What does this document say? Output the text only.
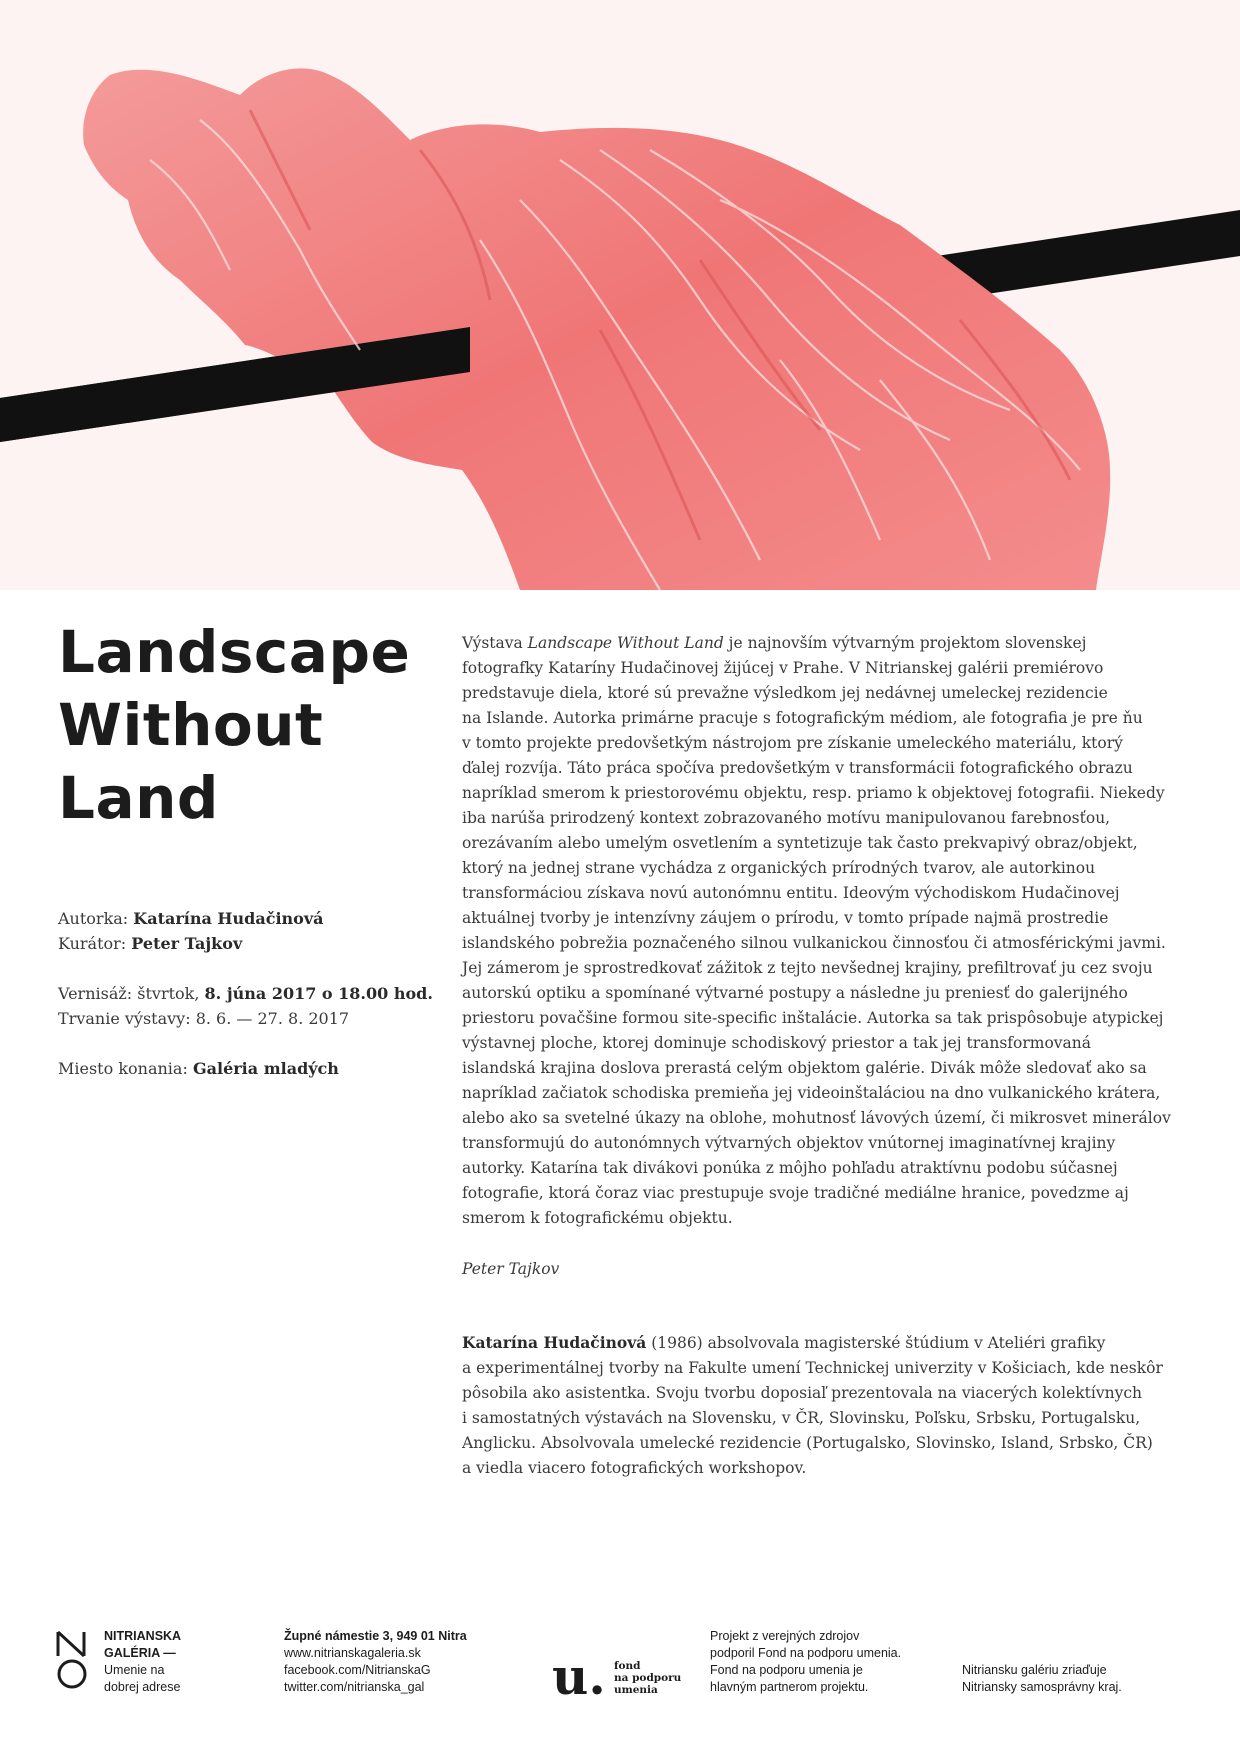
Landscape
Without
Land
Autorka: Katarína Hudačinová
Kurátor: Peter Tajkov
Vernisáž: štvrtok, 8. júna 2017 o 18.00 hod.
Trvanie výstavy: 8. 6. — 27. 8. 2017
Miesto konania: Galéria mladých

Výstava Landscape Without Land je najnovším výtvarným projektom slovenskej
fotografky Kataríny Hudačinovej žijúcej v Prahe. V Nitrianskej galérii premiérovo
predstavuje diela, ktoré sú prevažne výsledkom jej nedávnej umeleckej rezidencie
na Islande. Autorka primárne pracuje s fotografickým médiom, ale fotografia je pre ňu
v tomto projekte predovšetkým nástrojom pre získanie umeleckého materiálu, ktorý
ďalej rozvíja. Táto práca spočíva predovšetkým v transformácii fotografického obrazu
napríklad smerom k priestorovému objektu, resp. priamo k objektovej fotografii. Niekedy
iba narúša prirodzený kontext zobrazovaného motívu manipulovanou farebnosťou,
orezávaním alebo umelým osvetlením a syntetizuje tak často prekvapivý obraz/objekt,
ktorý na jednej strane vychádza z organických prírodných tvarov, ale autorkinou
transformáciou získava novú autonómnu entitu. Ideovým východiskom Hudačinovej
aktuálnej tvorby je intenzívny záujem o prírodu, v tomto prípade najmä prostredie
islandského pobrežia poznačeného silnou vulkanickou činnosťou či atmosférickými javmi.
Jej zámerom je sprostredkovať zážitok z tejto nevšednej krajiny, prefiltrovať ju cez svoju
autorskú optiku a spomínané výtvarné postupy a následne ju preniesť do galerijného
priestoru povačšine formou site-specific inštalácie. Autorka sa tak prispôsobuje atypickej
výstavnej ploche, ktorej dominuje schodiskový priestor a tak jej transformovaná
islandská krajina doslova prerastá celým objektom galérie. Divák môže sledovať ako sa
napríklad začiatok schodiska premieňa jej videoinštaláciou na dno vulkanického krátera,
alebo ako sa svetelné úkazy na oblohe, mohutnosť lávových území, či mikrosvet minerálov
transformujú do autonómnych výtvarných objektov vnútornej imaginatívnej krajiny
autorky. Katarína tak divákovi ponúka z môjho pohľadu atraktívnu podobu súčasnej
fotografie, ktorá čoraz viac prestupuje svoje tradičné mediálne hranice, povedzme aj
smerom k fotografickému objektu.

Peter Tajkov

Katarína Hudačinová (1986) absolvovala magisterské štúdium v Ateliéri grafiky
a experimentálnej tvorby na Fakulte umení Technickej univerzity v Košiciach, kde neskôr
pôsobila ako asistentka. Svoju tvorbu doposiaľ prezentovala na viacerých kolektívnych
i samostatných výstavách na Slovensku, v ČR, Slovinsku, Poľsku, Srbsku, Portugalsku,
Anglicku. Absolvovala umelecké rezidencie (Portugalsko, Slovinsko, Island, Srbsko, ČR)
a viedla viacero fotografických workshopov.

NITRIANSKA
GALÉRIA —
Umenie na
dobrej adrese
Župné námestie 3, 949 01 Nitra
www.nitrianskagaleria.sk
facebook.com/NitrianskaG
twitter.com/nitrianska_gal	u. fond
na podporu
umenia
Projekt z verejných zdrojov
podporil Fond na podporu umenia.
Fond na podporu umenia je
hlavným partnerom projektu.
Nitriansku galériu zriaďuje
Nitriansky samosprávny kraj.
